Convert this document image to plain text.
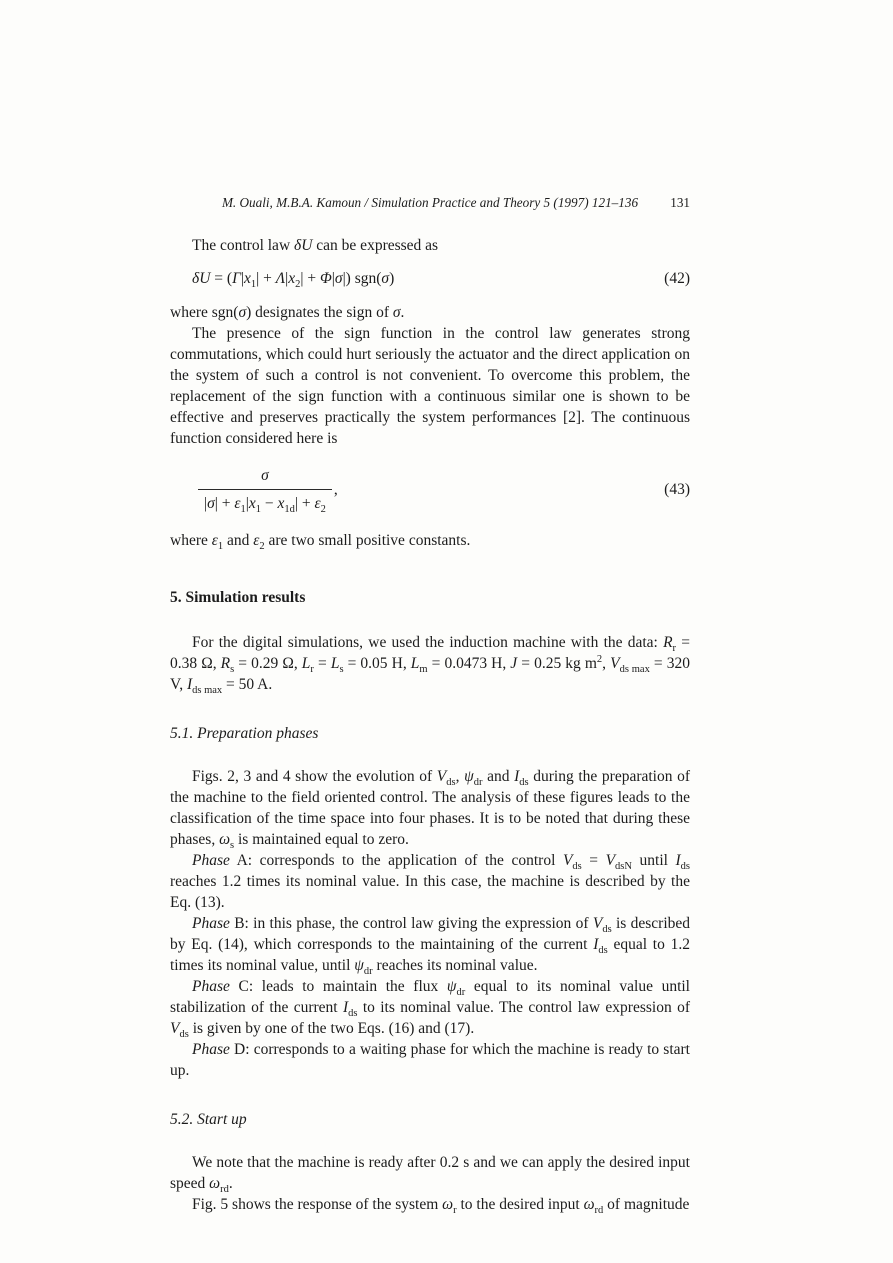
M. Ouali, M.B.A. Kamoun / Simulation Practice and Theory 5 (1997) 121–136 131

The control law δU can be expressed as

$\delta U = (\Gamma|x_1| + \Lambda|x_2| + \Phi|\sigma|)$ sgn(σ)	(42)

where sgn(σ) designates the sign of σ.

The presence of the sign function in the control law generates strong commutations, which could hurt seriously the actuator and the direct application on the system of such a control is not convenient. To overcome this problem, the replacement of the sign function with a continuous similar one is shown to be effective and preserves practically the system performances [2]. The continuous function considered here is

$\frac{\sigma}{|\sigma| + \varepsilon_1|x_1 - x_{1d}| + \varepsilon_2}$ ,	(43)

where $\varepsilon_1$ and $\varepsilon_2$ are two small positive constants.

5. Simulation results

For the digital simulations, we used the induction machine with the data: $R_r = 0.38$ Ω, $R_s = 0.29$ Ω, $L_r = L_s = 0.05$ H, $L_m = 0.0473$ H, J = 0.25 kg $m^2$, $V_{ds max} = 320$ V, $I_{ds max} = 50$ A.

5.1. Preparation phases

Figs. 2, 3 and 4 show the evolution of $V_{ds}$, $\psi_{dr}$ and $I_{ds}$ during the preparation of the machine to the field oriented control. The analysis of these figures leads to the classification of the time space into four phases. It is to be noted that during these phases, $\omega_s$ is maintained equal to zero.

Phase A: corresponds to the application of the control $V_{ds} = V_{dsN}$ until $I_{ds}$ reaches 1.2 times its nominal value. In this case, the machine is described by the Eq. (13).

Phase B: in this phase, the control law giving the expression of $V_{ds}$ is described by Eq. (14), which corresponds to the maintaining of the current $I_{ds}$ equal to 1.2 times its nominal value, until $\psi_{dr}$ reaches its nominal value.

Phase C: leads to maintain the flux $\psi_{dr}$ equal to its nominal value until stabilization of the current $I_{ds}$ to its nominal value. The control law expression of $V_{ds}$ is given by one of the two Eqs. (16) and (17).

Phase D: corresponds to a waiting phase for which the machine is ready to start up.

5.2. Start up

We note that the machine is ready after 0.2 s and we can apply the desired input speed $\omega_{rd}$.

Fig. 5 shows the response of the system $\omega_r$ to the desired input $\omega_{rd}$ of magnitude
